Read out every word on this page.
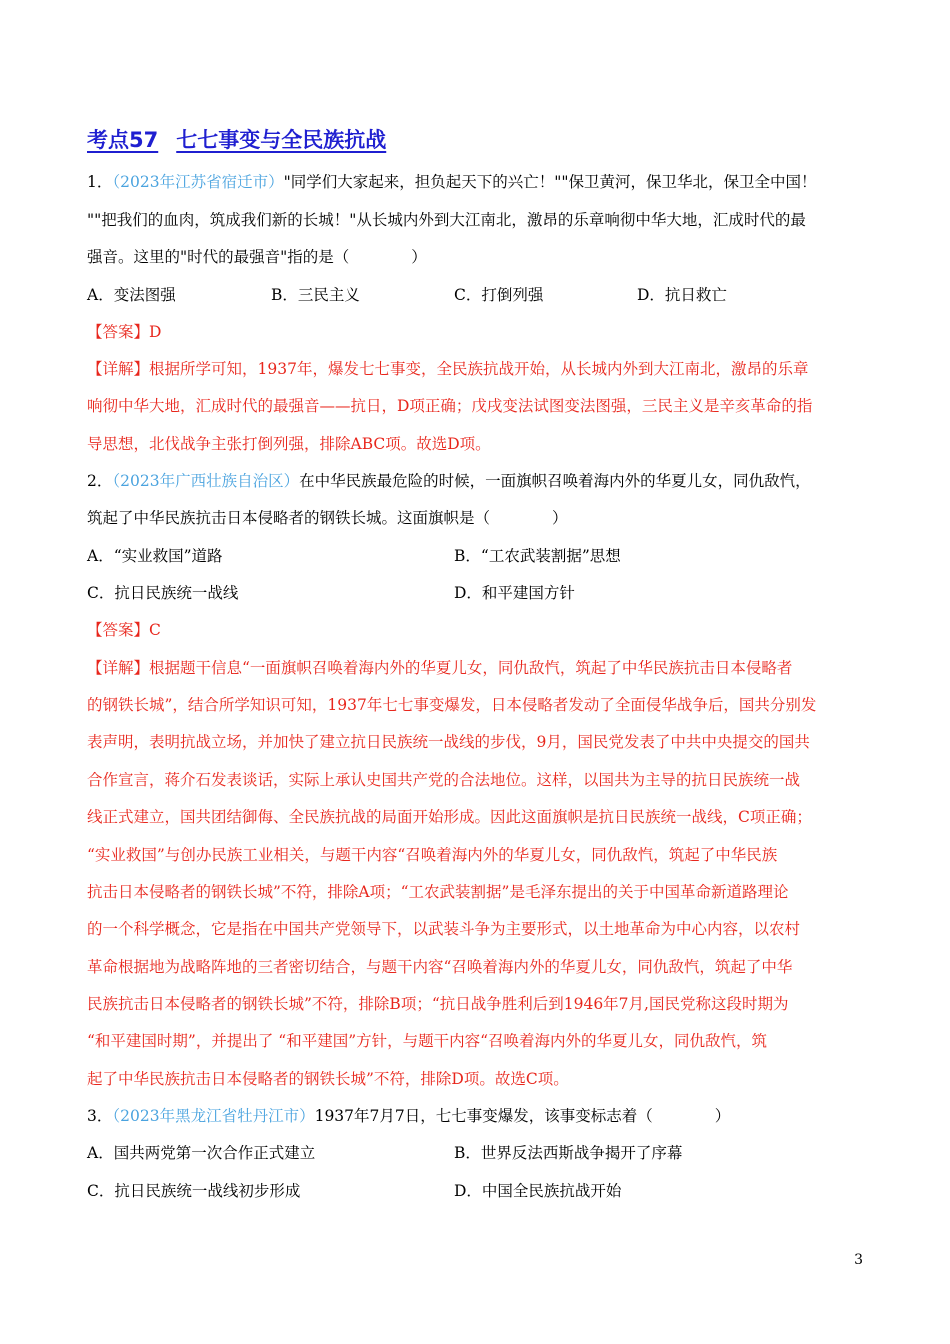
考点57 七七事变与全民族抗战
1．（2023年江苏省宿迁市）"同学们大家起来，担负起天下的兴亡！""保卫黄河，保卫华北，保卫全中国！
""把我们的血肉，筑成我们新的长城！"从长城内外到大江南北，激昂的乐章响彻中华大地，汇成时代的最
强音。这里的"时代的最强音"指的是（　　　　）
A．变法图强	B．三民主义	C．打倒列强	D．抗日救亡
【答案】D
【详解】根据所学可知，1937年，爆发七七事变，全民族抗战开始，从长城内外到大江南北，激昂的乐章
响彻中华大地，汇成时代的最强音——抗日，D项正确；戊戌变法试图变法图强，三民主义是辛亥革命的指
导思想，北伐战争主张打倒列强，排除ABC项。故选D项。
2．（2023年广西壮族自治区）在中华民族最危险的时候，一面旗帜召唤着海内外的华夏儿女，同仇敌忾，
筑起了中华民族抗击日本侵略者的钢铁长城。这面旗帜是（　　　　）
A．“实业救国”道路	B．“工农武装割据”思想
C．抗日民族统一战线	D．和平建国方针
【答案】C
【详解】根据题干信息“一面旗帜召唤着海内外的华夏儿女，同仇敌忾，筑起了中华民族抗击日本侵略者
的钢铁长城”，结合所学知识可知，1937年七七事变爆发，日本侵略者发动了全面侵华战争后，国共分别发
表声明，表明抗战立场，并加快了建立抗日民族统一战线的步伐，9月，国民党发表了中共中央提交的国共
合作宣言，蒋介石发表谈话，实际上承认史国共产党的合法地位。这样，以国共为主导的抗日民族统一战
线正式建立，国共团结御侮、全民族抗战的局面开始形成。因此这面旗帜是抗日民族统一战线，C项正确；
“实业救国”与创办民族工业相关，与题干内容“召唤着海内外的华夏儿女，同仇敌忾，筑起了中华民族
抗击日本侵略者的钢铁长城”不符，排除A项；“工农武装割据”是毛泽东提出的关于中国革命新道路理论
的一个科学概念，它是指在中国共产党领导下，以武装斗争为主要形式，以土地革命为中心内容，以农村
革命根据地为战略阵地的三者密切结合，与题干内容“召唤着海内外的华夏儿女，同仇敌忾，筑起了中华
民族抗击日本侵略者的钢铁长城”不符，排除B项；“抗日战争胜利后到1946年7月,国民党称这段时期为
“和平建国时期”，并提出了 “和平建国”方针，与题干内容“召唤着海内外的华夏儿女，同仇敌忾，筑
起了中华民族抗击日本侵略者的钢铁长城”不符，排除D项。故选C项。
3．（2023年黑龙江省牡丹江市）1937年7月7日，七七事变爆发，该事变标志着（　　　　）
A．国共两党第一次合作正式建立	B．世界反法西斯战争揭开了序幕
C．抗日民族统一战线初步形成	D．中国全民族抗战开始
3
